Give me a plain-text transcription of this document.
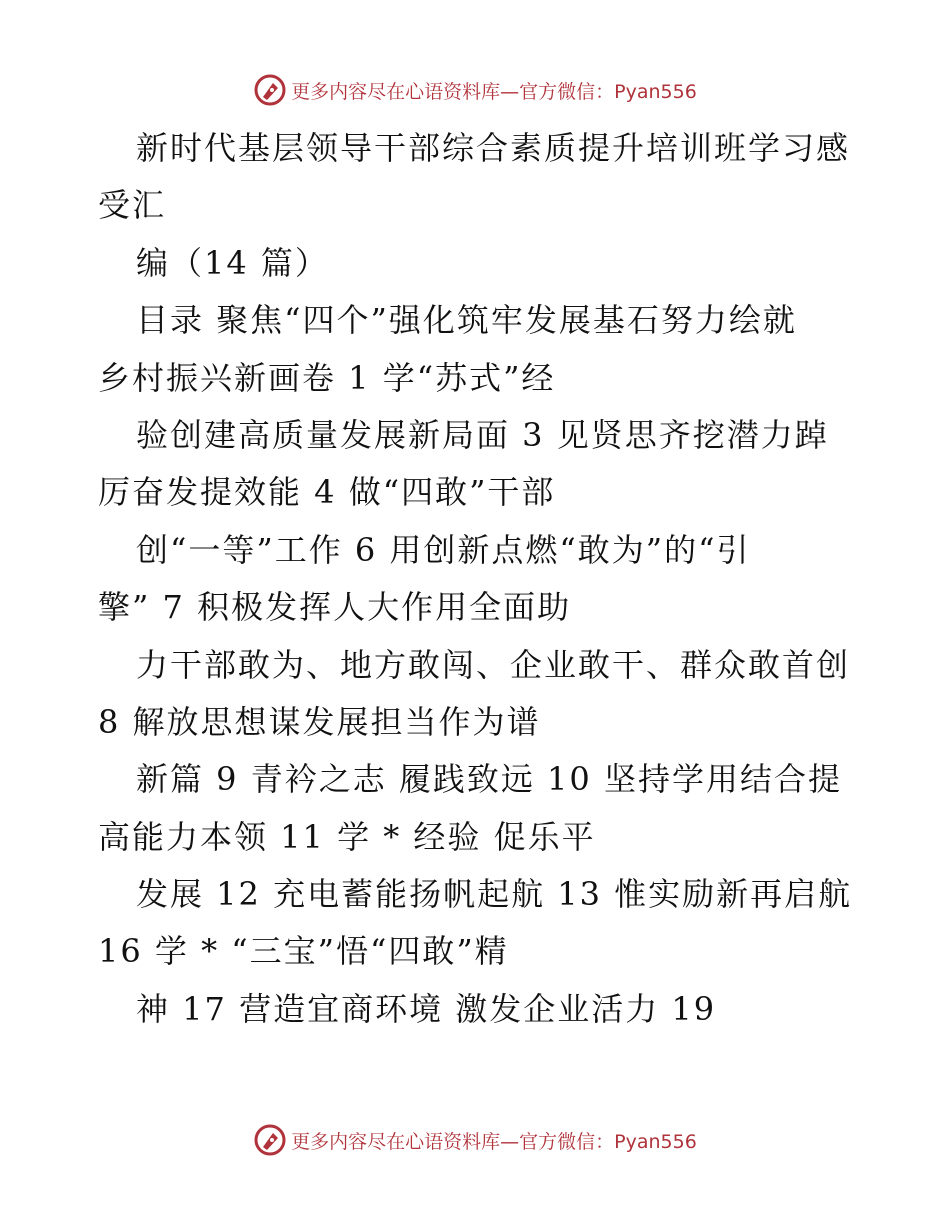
更多内容尽在心语资料库—官方微信：Pyan556
新时代基层领导干部综合素质提升培训班学习感
受汇
编（14 篇）
目录 聚焦“四个”强化筑牢发展基石努力绘就
乡村振兴新画卷 1 学“苏式”经
验创建高质量发展新局面 3 见贤思齐挖潜力踔
厉奋发提效能 4 做“四敢”干部
创“一等”工作 6 用创新点燃“敢为”的“引
擎” 7 积极发挥人大作用全面助
力干部敢为、地方敢闯、企业敢干、群众敢首创
8 解放思想谋发展担当作为谱
新篇 9 青衿之志 履践致远 10 坚持学用结合提
高能力本领 11 学 * 经验 促乐平
发展 12 充电蓄能扬帆起航 13 惟实励新再启航
16 学 * “三宝”悟“四敢”精
神 17 营造宜商环境 激发企业活力 19
更多内容尽在心语资料库—官方微信：Pyan556
